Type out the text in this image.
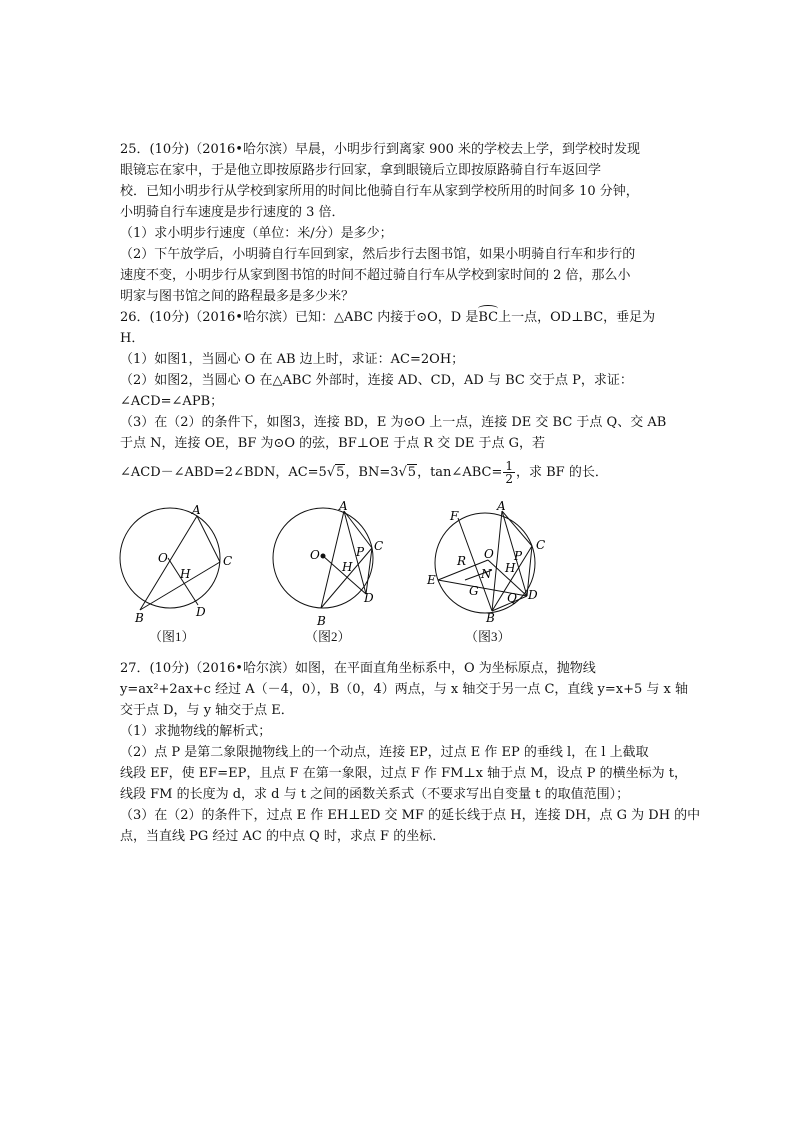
25．(10分)（2016•哈尔滨）早晨，小明步行到离家 900 米的学校去上学，到学校时发现
眼镜忘在家中，于是他立即按原路步行回家，拿到眼镜后立即按原路骑自行车返回学
校．已知小明步行从学校到家所用的时间比他骑自行车从家到学校所用的时间多 10 分钟，
小明骑自行车速度是步行速度的 3 倍．
（1）求小明步行速度（单位：米/分）是多少；
（2）下午放学后，小明骑自行车回到家，然后步行去图书馆，如果小明骑自行车和步行的
速度不变，小明步行从家到图书馆的时间不超过骑自行车从学校到家时间的 2 倍，那么小
明家与图书馆之间的路程最多是多少米？
26．(10分)（2016•哈尔滨）已知：△ABC 内接于⊙O，D 是BC上一点，OD⊥BC，垂足为
H．
（1）如图1，当圆心 O 在 AB 边上时，求证：AC=2OH；
（2）如图2，当圆心 O 在△ABC 外部时，连接 AD、CD，AD 与 BC 交于点 P，求证：
∠ACD=∠APB；
（3）在（2）的条件下，如图3，连接 BD，E 为⊙O 上一点，连接 DE 交 BC 于点 Q、交 AB
于点 N，连接 OE，BF 为⊙O 的弦，BF⊥OE 于点 R 交 DE 于点 G，若
∠ACD－∠ABD=2∠BDN，AC=5√5，BN=3√5，tan∠ABC= $\frac{1}{2}$ ，求 BF 的长．
A
O	C
H
B	D
A
O	P C
H
D
B
F
A
C
R O P
E	N H
G Q D
B
（图1）	（图2）	（图3）
27．(10分)（2016•哈尔滨）如图，在平面直角坐标系中，O 为坐标原点，抛物线
y=ax²+2ax+c 经过 A（－4，0），B（0，4）两点，与 x 轴交于另一点 C，直线 y=x+5 与 x 轴
交于点 D，与 y 轴交于点 E．
（1）求抛物线的解析式；
（2）点 P 是第二象限抛物线上的一个动点，连接 EP，过点 E 作 EP 的垂线 l，在 l 上截取
线段 EF，使 EF=EP，且点 F 在第一象限，过点 F 作 FM⊥x 轴于点 M，设点 P 的横坐标为 t，
线段 FM 的长度为 d，求 d 与 t 之间的函数关系式（不要求写出自变量 t 的取值范围）；
（3）在（2）的条件下，过点 E 作 EH⊥ED 交 MF 的延长线于点 H，连接 DH，点 G 为 DH 的中
点，当直线 PG 经过 AC 的中点 Q 时，求点 F 的坐标．
